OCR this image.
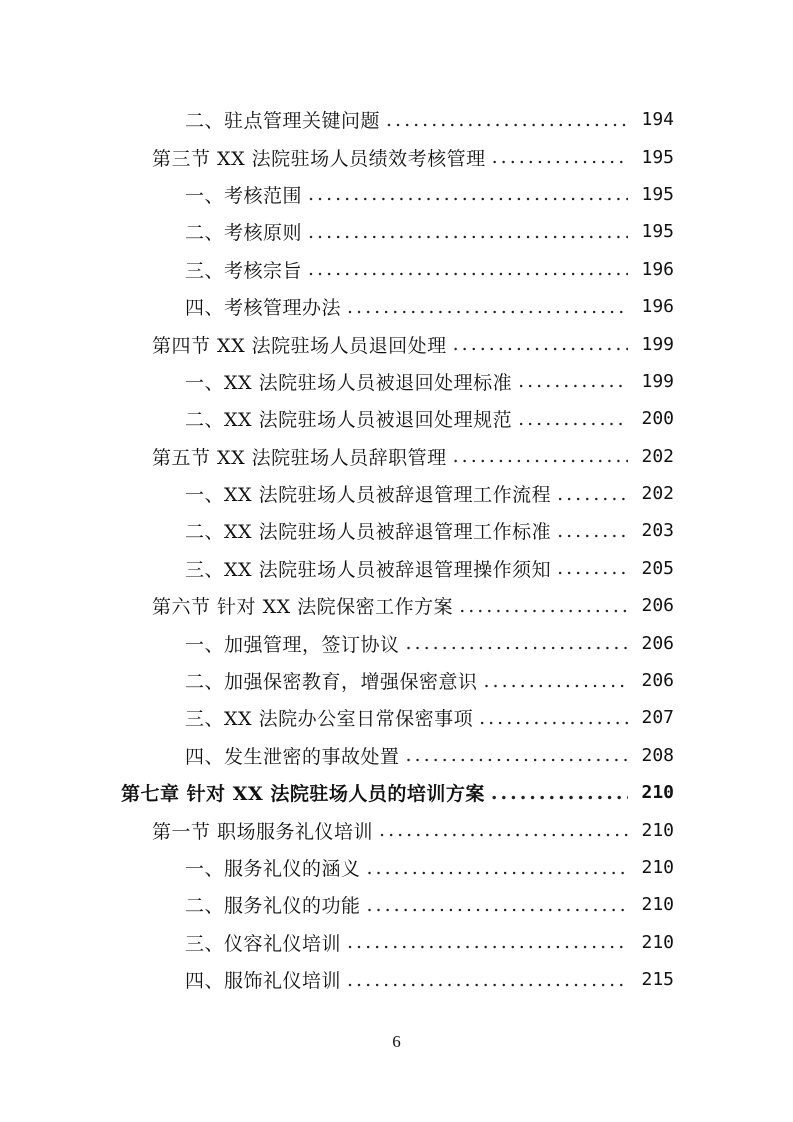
二、驻点管理关键问题 .....	194
第三节 XX 法院驻场人员绩效考核管理 .....	195
一、考核范围 .....	195
二、考核原则 .....	195
三、考核宗旨 .....	196
四、考核管理办法 .....	196
第四节 XX 法院驻场人员退回处理 .....	199
一、XX 法院驻场人员被退回处理标准 .....	199
二、XX 法院驻场人员被退回处理规范 .....	200
第五节 XX 法院驻场人员辞职管理 .....	202
一、XX 法院驻场人员被辞退管理工作流程 .....	202
二、XX 法院驻场人员被辞退管理工作标准 .....	203
三、XX 法院驻场人员被辞退管理操作须知 .....	205
第六节 针对 XX 法院保密工作方案 .....	206
一、加强管理，签订协议 .....	206
二、加强保密教育，增强保密意识 .....	206
三、XX 法院办公室日常保密事项 .....	207
四、发生泄密的事故处置 .....	208
第七章 针对 XX 法院驻场人员的培训方案 .....	210
第一节 职场服务礼仪培训 .....	210
一、服务礼仪的涵义 .....	210
二、服务礼仪的功能 .....	210
三、仪容礼仪培训 .....	210
四、服饰礼仪培训 .....	215
6
